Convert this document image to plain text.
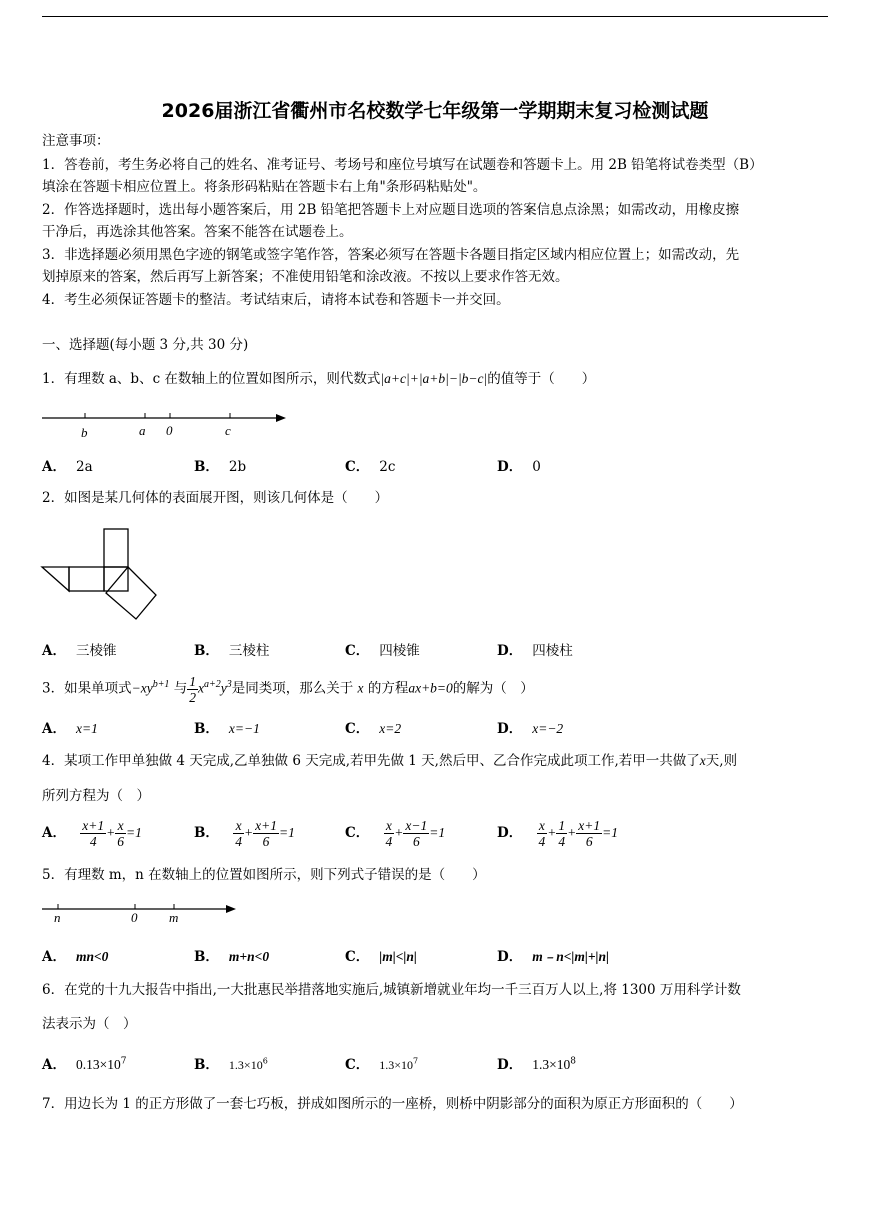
2026届浙江省衢州市名校数学七年级第一学期期末复习检测试题
注意事项：
1．答卷前，考生务必将自己的姓名、准考证号、考场号和座位号填写在试题卷和答题卡上。用 2B 铅笔将试卷类型（B）
填涂在答题卡相应位置上。将条形码粘贴在答题卡右上角"条形码粘贴处"。
2．作答选择题时，选出每小题答案后，用 2B 铅笔把答题卡上对应题目选项的答案信息点涂黑；如需改动，用橡皮擦
干净后，再选涂其他答案。答案不能答在试题卷上。
3．非选择题必须用黑色字迹的钢笔或签字笔作答，答案必须写在答题卡各题目指定区域内相应位置上；如需改动，先
划掉原来的答案，然后再写上新答案；不准使用铅笔和涂改液。不按以上要求作答无效。
4．考生必须保证答题卡的整洁。考试结束后，请将本试卷和答题卡一并交回。
一、选择题(每小题 3 分,共 30 分)
1．有理数 a、b、c 在数轴上的位置如图所示，则代数式|a+c|+|a+b|−|b−c|的值等于（　　）
b	a 0	c
A． 2a	B． 2b	C． 2c	D． 0
2．如图是某几何体的表面展开图，则该几何体是（　　）
A． 三棱锥	B． 三棱柱	C． 四棱锥	D． 四棱柱
3．如果单项式$-xy^{b+1}$ 与 $\frac{1}{2} x^{a+2}y^3$是同类项，那么关于 x 的方程ax+b=0的解为（　）
A． x=1	B． x=−1	C． x=2	D． x=−2
4．某项工作甲单独做 4 天完成,乙单独做 6 天完成,若甲先做 1 天,然后甲、乙合作完成此项工作,若甲一共做了x天,则
所列方程为（　）
A． $\frac{x+1}{4} + \frac{x}{6} =1$	B． $\frac{x}{4} + \frac{x+1}{6} =1$	C． $\frac{x}{4} + \frac{x-1}{6} =1$	D． $\frac{x}{4} + \frac{1}{4} + \frac{x+1}{6} =1$
5．有理数 m，n 在数轴上的位置如图所示，则下列式子错误的是（　　）
n	0 m
A． mn<0	B． m+n<0	C． |m|<|n|	D． m﹣n<|m|+|n|
6．在党的十九大报告中指出,一大批惠民举措落地实施后,城镇新增就业年均一千三百万人以上,将 1300 万用科学计数
法表示为（　）
A． $0.13\times 10^7$	B． $1.3\times 10^6$	C． $1.3\times 10^7$	D． $1.3\times 10^8$
7．用边长为 1 的正方形做了一套七巧板，拼成如图所示的一座桥，则桥中阴影部分的面积为原正方形面积的（　　）
